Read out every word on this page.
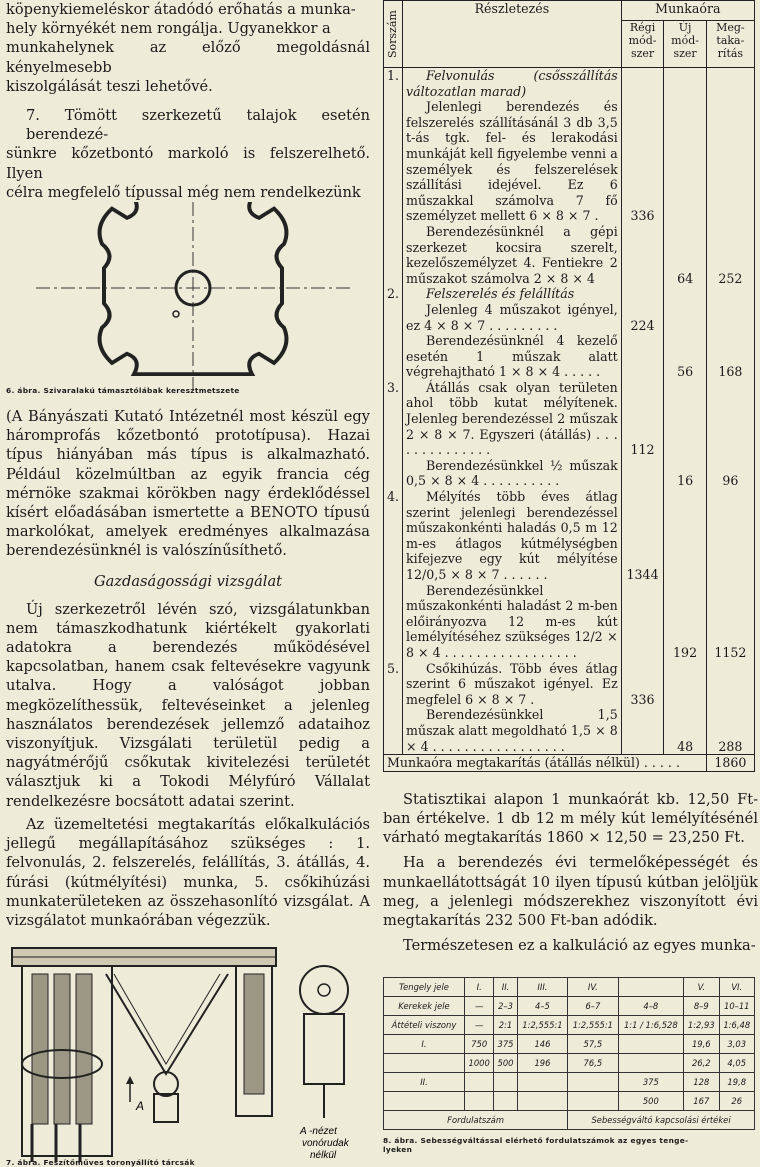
köpenykiemeléskor átadódó erőhatás a munka-

hely környékét nem rongálja. Ugyanekkor a

munkahelynek az előző megoldásnál kényelmesebb

kiszolgálását teszi lehetővé.

7. Tömött szerkezetű talajok esetén berendezé-

sünkre kőzetbontó markoló is felszerelhető. Ilyen

célra megfelelő típussal még nem rendelkezünk

6. ábra. Szivaralakú támasztólábak keresztmetszete

(A Bányászati Kutató Intézetnél most készül egy háromprofás kőzetbontó prototípusa). Hazai típus hiányában más típus is alkalmazható. Például közelmúltban az egyik francia cég mérnöke szakmai körökben nagy érdeklődéssel kísért előadásában ismertette a BENOTO típusú markolókat, amelyek eredményes alkalmazása berendezésünknél is valószínűsíthető.

Gazdaságossági vizsgálat

Új szerkezetről lévén szó, vizsgálatunkban nem támaszkodhatunk kiértékelt gyakorlati adatokra a berendezés működésével kapcsolatban, hanem csak feltevésekre vagyunk utalva. Hogy a valóságot jobban megközelíthessük, feltevéseinket a jelenleg használatos berendezések jellemző adataihoz viszonyítjuk. Vizsgálati területül pedig a nagyátmérőjű csőkutak kivitelezési területét választjuk ki a Tokodi Mélyfúró Vállalat rendelkezésre bocsátott adatai szerint.

Az üzemeltetési megtakarítás előkalkulációs jellegű megállapításához szükséges : 1. felvonulás, 2. felszerelés, felállítás, 3. átállás, 4. fúrási (kútmélyítési) munka, 5. csőkihúzási munkaterületeken az összehasonlító vizsgálat. A vizsgálatot munkaórában végezzük.

A
A -nézet
vonórudak
nélkül

7. ábra. Feszítőműves toronyállító tárcsák

Sorszám	Részletezés	Munkaóra		
		Régi mód-szer	Új mód-szer	Meg-taka-rítás
1.	Felvonulás (csősszállítás változatlan marad)			
	Jelenlegi berendezés és felszerelés szállításánál 3 db 3,5 t-ás tgk. fel- és lerakodási munkáját kell figyelembe venni a személyek és felszerelések szállítási idejével. Ez 6 műszakkal számolva 7 fő személyzet mellett 6 × 8 × 7 .	336		
	Berendezésünknél a gépi szerkezet kocsira szerelt, kezelőszemélyzet 4. Fentiekre 2 műszakot számolva 2 × 8 × 4		64	252
2.	Felszerelés és felállítás			
	Jelenleg 4 műszakot igényel, ez 4 × 8 × 7 . . . . . . . . .	224		
	Berendezésünknél 4 kezelő esetén 1 műszak alatt végrehajtható 1 × 8 × 4 . . . . .		56	168
3.	Átállás csak olyan területen ahol több kutat mélyítenek. Jelenleg berendezéssel 2 műszak 2 × 8 × 7. Egyszeri (átállás) . . . . . . . . . . . . . .	112		
	Berendezésünkkel ½ műszak 0,5 × 8 × 4 . . . . . . . . . .		16	96
4.	Mélyítés több éves átlag szerint jelenlegi berendezéssel műszakonkénti haladás 0,5 m 12 m-es átlagos kútmélységben kifejezve egy kút mélyítése 12/0,5 × 8 × 7 . . . . . .	1344		
	Berendezésünkkel műszakonkénti haladást 2 m-ben előirányozva 12 m-es kút lemélyítéséhez szükséges 12/2 × 8 × 4 . . . . . . . . . . . . . . . . .		192	1152
5.	Csőkihúzás. Több éves átlag szerint 6 műszakot igényel. Ez megfelel 6 × 8 × 7 .	336		
	Berendezésünkkel 1,5 műszak alatt megoldható 1,5 × 8 × 4 . . . . . . . . . . . . . . . . .		48	288
Munkaóra megtakarítás (átállás nélkül) . . . . .				1860

Statisztikai alapon 1 munkaórát kb. 12,50 Ft-ban értékelve. 1 db 12 m mély kút lemélyítésénél várható megtakarítás 1860 × 12,50 = 23,250 Ft.

Ha a berendezés évi termelőképességét és munkaellátottságát 10 ilyen típusú kútban jelöljük meg, a jelenlegi módszerekhez viszonyított évi megtakarítás 232 500 Ft-ban adódik.

Természetesen ez a kalkuláció az egyes munka-

Tengely jele	I.	II.	III.	IV.		V.	VI.
Kerekek jele	—	2–3	4–5	6–7	4–8	8–9	10–11
Áttételi viszony	—	2:1	1:2,555:1	1:2,555:1	1:1 / 1:6,528	1:2,93	1:6,48
I.	750	375	146	57,5		19,6	3,03
	1000	500	196	76,5		26,2	4,05
II.					375	128	19,8
					500	167	26
Fordulatszám				Sebességváltó kapcsolási értékei			

8. ábra. Sebességváltással elérhető fordulatszámok az egyes tenge-

lyeken
